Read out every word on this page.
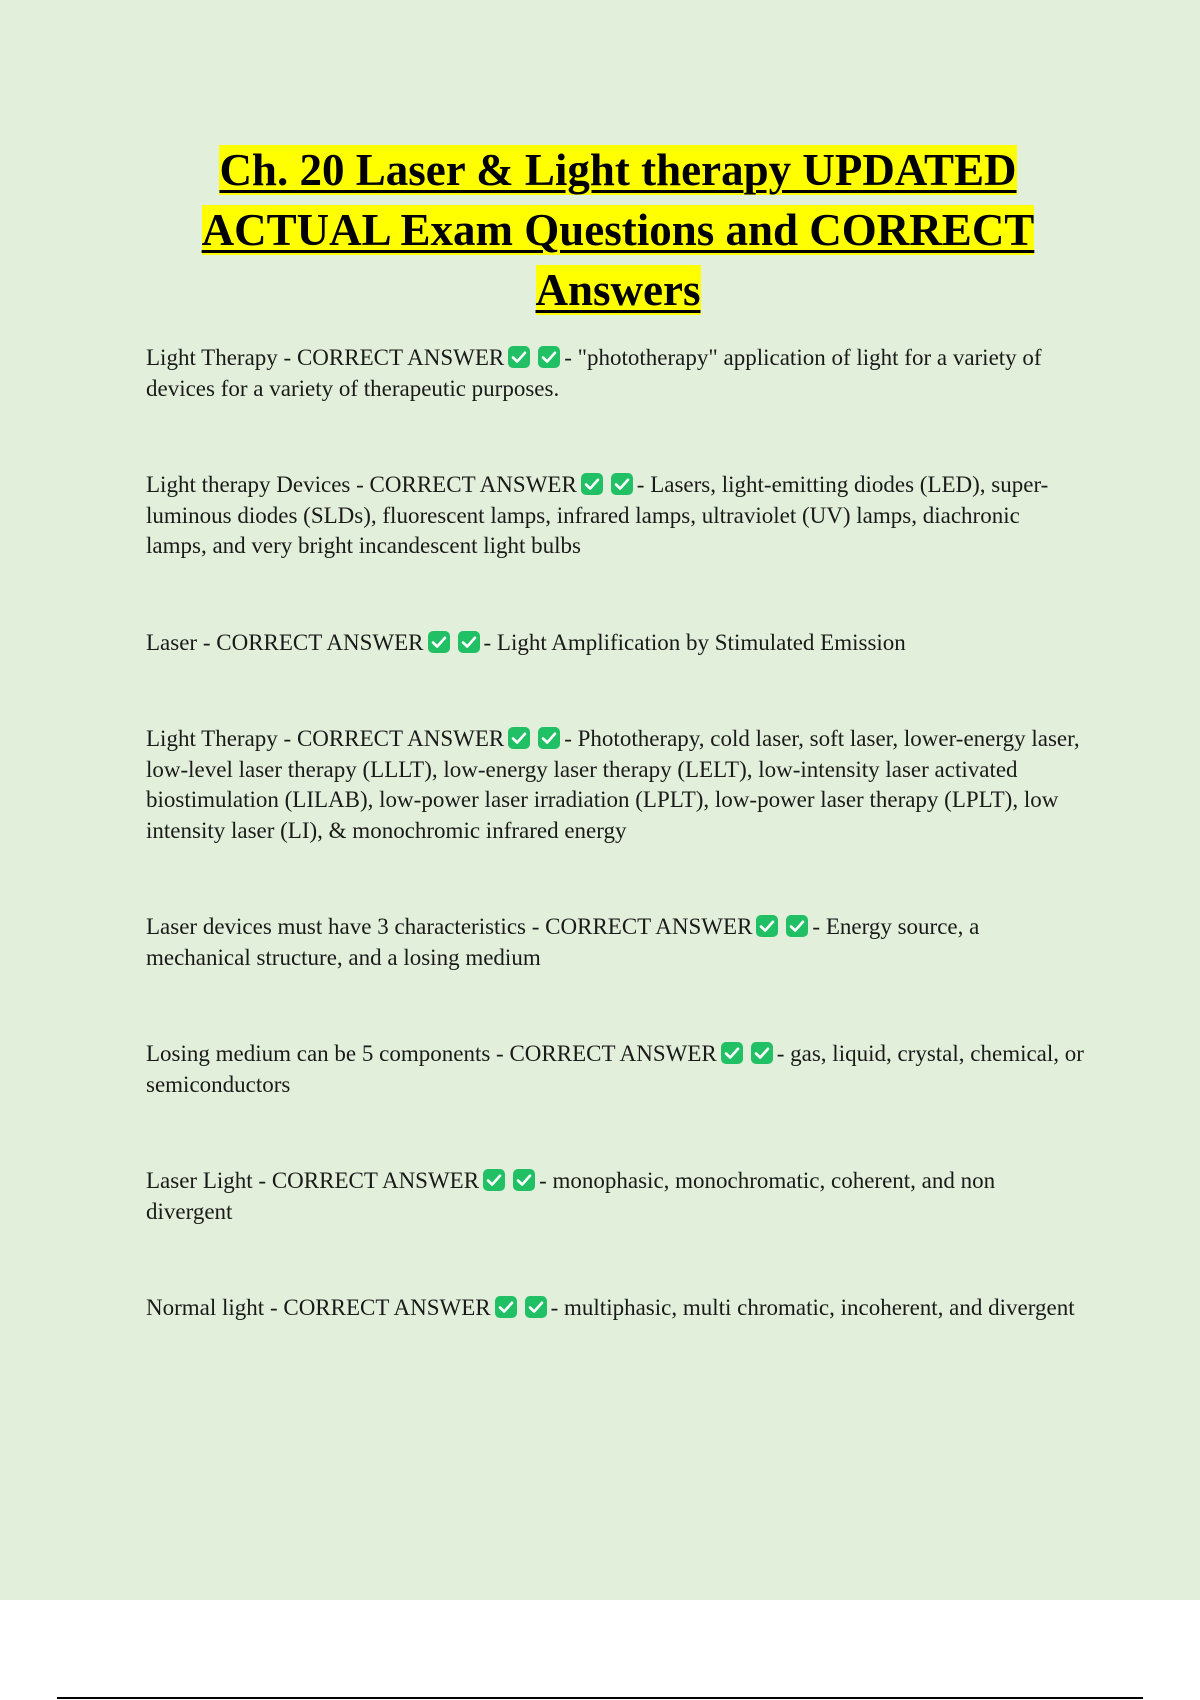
Ch. 20 Laser & Light therapy UPDATED ACTUAL Exam Questions and CORRECT Answers

Light Therapy - CORRECT ANSWER	- "phototherapy" application of light for a variety of devices for a variety of therapeutic purposes.

Light therapy Devices - CORRECT ANSWER	- Lasers, light-emitting diodes (LED), super-luminous diodes (SLDs), fluorescent lamps, infrared lamps, ultraviolet (UV) lamps, diachronic lamps, and very bright incandescent light bulbs

Laser - CORRECT ANSWER	- Light Amplification by Stimulated Emission

Light Therapy - CORRECT ANSWER	- Phototherapy, cold laser, soft laser, lower-energy laser, low-level laser therapy (LLLT), low-energy laser therapy (LELT), low-intensity laser activated biostimulation (LILAB), low-power laser irradiation (LPLT), low-power laser therapy (LPLT), low intensity laser (LI), & monochromic infrared energy

Laser devices must have 3 characteristics - CORRECT ANSWER	- Energy source, a mechanical structure, and a losing medium

Losing medium can be 5 components - CORRECT ANSWER	- gas, liquid, crystal, chemical, or semiconductors

Laser Light - CORRECT ANSWER	- monophasic, monochromatic, coherent, and non divergent

Normal light - CORRECT ANSWER	- multiphasic, multi chromatic, incoherent, and divergent
